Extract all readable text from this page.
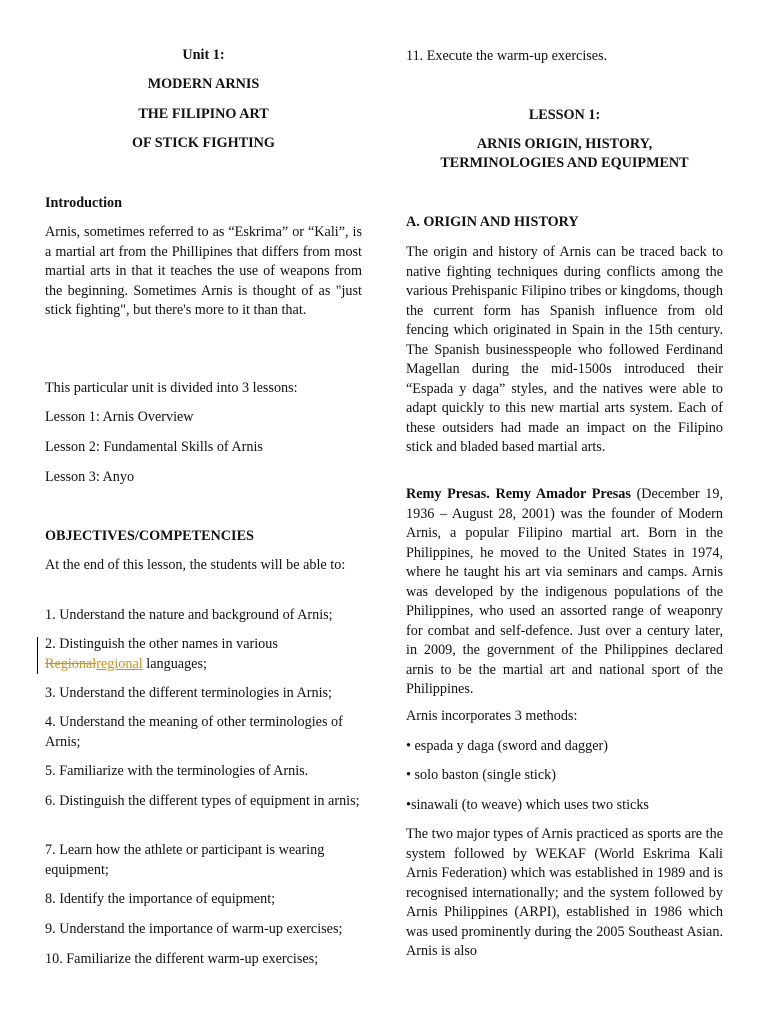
Unit 1:

MODERN ARNIS

THE FILIPINO ART

OF STICK FIGHTING

Introduction

Arnis, sometimes referred to as “Eskrima” or “Kali”, is a martial art from the Phillipines that differs from most martial arts in that it teaches the use of weapons from the beginning. Sometimes Arnis is thought of as "just stick fighting", but there's more to it than that.

This particular unit is divided into 3 lessons:

Lesson 1: Arnis Overview

Lesson 2: Fundamental Skills of Arnis

Lesson 3: Anyo

OBJECTIVES/COMPETENCIES

At the end of this lesson, the students will be able to:

1. Understand the nature and background of Arnis;

2. Distinguish the other names in various
Regionalregional languages;

3. Understand the different terminologies in Arnis;

4. Understand the meaning of other terminologies of Arnis;

5. Familiarize with the terminologies of Arnis.

6. Distinguish the different types of equipment in arnis;

7. Learn how the athlete or participant is wearing equipment;

8. Identify the importance of equipment;

9. Understand the importance of warm-up exercises;

10. Familiarize the different warm-up exercises;

11. Execute the warm-up exercises.

LESSON 1:

ARNIS ORIGIN, HISTORY,

TERMINOLOGIES AND EQUIPMENT

A. ORIGIN AND HISTORY

The origin and history of Arnis can be traced back to native fighting techniques during conflicts among the various Prehispanic Filipino tribes or kingdoms, though the current form has Spanish influence from old fencing which originated in Spain in the 15th century. The Spanish businesspeople who followed Ferdinand Magellan during the mid-1500s introduced their “Espada y daga” styles, and the natives were able to adapt quickly to this new martial arts system. Each of these outsiders had made an impact on the Filipino stick and bladed based martial arts.

Remy Presas. Remy Amador Presas (December 19, 1936 – August 28, 2001) was the founder of Modern Arnis, a popular Filipino martial art. Born in the Philippines, he moved to the United States in 1974, where he taught his art via seminars and camps. Arnis was developed by the indigenous populations of the Philippines, who used an assorted range of weaponry for combat and self-defence. Just over a century later, in 2009, the government of the Philippines declared arnis to be the martial art and national sport of the Philippines.

Arnis incorporates 3 methods:

• espada y daga (sword and dagger)

• solo baston (single stick)

•sinawali (to weave) which uses two sticks

The two major types of Arnis practiced as sports are the system followed by WEKAF (World Eskrima Kali Arnis Federation) which was established in 1989 and is recognised internationally; and the system followed by Arnis Philippines (ARPI), established in 1986 which was used prominently during the 2005 Southeast Asian. Arnis is also
